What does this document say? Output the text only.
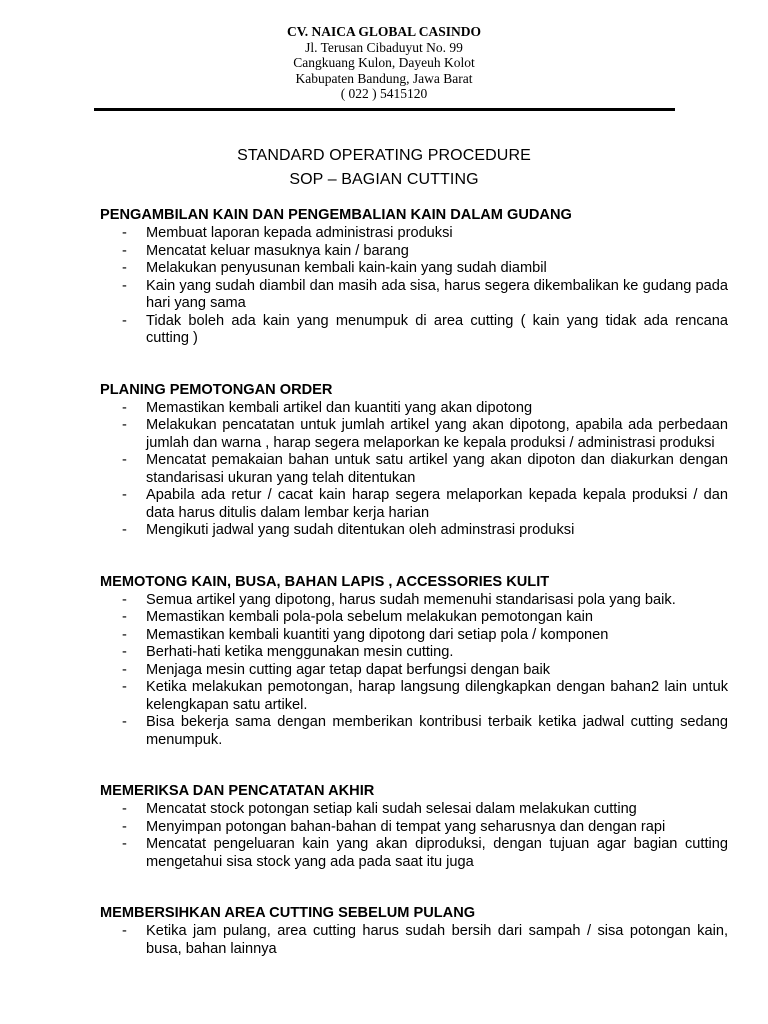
CV. NAICA GLOBAL CASINDO
Jl. Terusan Cibaduyut No. 99
Cangkuang Kulon, Dayeuh Kolot
Kabupaten Bandung, Jawa Barat
( 022 ) 5415120
STANDARD OPERATING PROCEDURE
SOP – BAGIAN CUTTING
PENGAMBILAN KAIN DAN PENGEMBALIAN KAIN DALAM GUDANG
- Membuat laporan kepada administrasi produksi
- Mencatat keluar masuknya kain / barang
- Melakukan penyusunan kembali kain-kain yang sudah diambil
- Kain yang sudah diambil dan masih ada sisa, harus segera dikembalikan ke gudang pada hari yang sama
- Tidak boleh ada kain yang menumpuk di area cutting ( kain yang tidak ada rencana cutting )
PLANING PEMOTONGAN ORDER
- Memastikan kembali artikel dan kuantiti yang akan dipotong
- Melakukan pencatatan untuk jumlah artikel yang akan dipotong, apabila ada perbedaan jumlah dan warna , harap segera melaporkan ke kepala produksi / administrasi produksi
- Mencatat pemakaian bahan untuk satu artikel yang akan dipoton dan diakurkan dengan standarisasi ukuran yang telah ditentukan
- Apabila ada retur / cacat kain harap segera melaporkan kepada kepala produksi / dan data harus ditulis dalam lembar kerja harian
- Mengikuti jadwal yang sudah ditentukan oleh adminstrasi produksi
MEMOTONG KAIN, BUSA, BAHAN LAPIS , ACCESSORIES KULIT
- Semua artikel yang dipotong, harus sudah memenuhi standarisasi pola yang baik.
- Memastikan kembali pola-pola sebelum melakukan pemotongan kain
- Memastikan kembali kuantiti yang dipotong dari setiap pola / komponen
- Berhati-hati ketika menggunakan mesin cutting.
- Menjaga mesin cutting agar tetap dapat berfungsi dengan baik
- Ketika melakukan pemotongan, harap langsung dilengkapkan dengan bahan2 lain untuk kelengkapan satu artikel.
- Bisa bekerja sama dengan memberikan kontribusi terbaik ketika jadwal cutting sedang menumpuk.
MEMERIKSA DAN PENCATATAN AKHIR
- Mencatat stock potongan setiap kali sudah selesai dalam melakukan cutting
- Menyimpan potongan bahan-bahan di tempat yang seharusnya dan dengan rapi
- Mencatat pengeluaran kain yang akan diproduksi, dengan tujuan agar bagian cutting mengetahui sisa stock yang ada pada saat itu juga
MEMBERSIHKAN AREA CUTTING SEBELUM PULANG
- Ketika jam pulang, area cutting harus sudah bersih dari sampah / sisa potongan kain, busa, bahan lainnya
